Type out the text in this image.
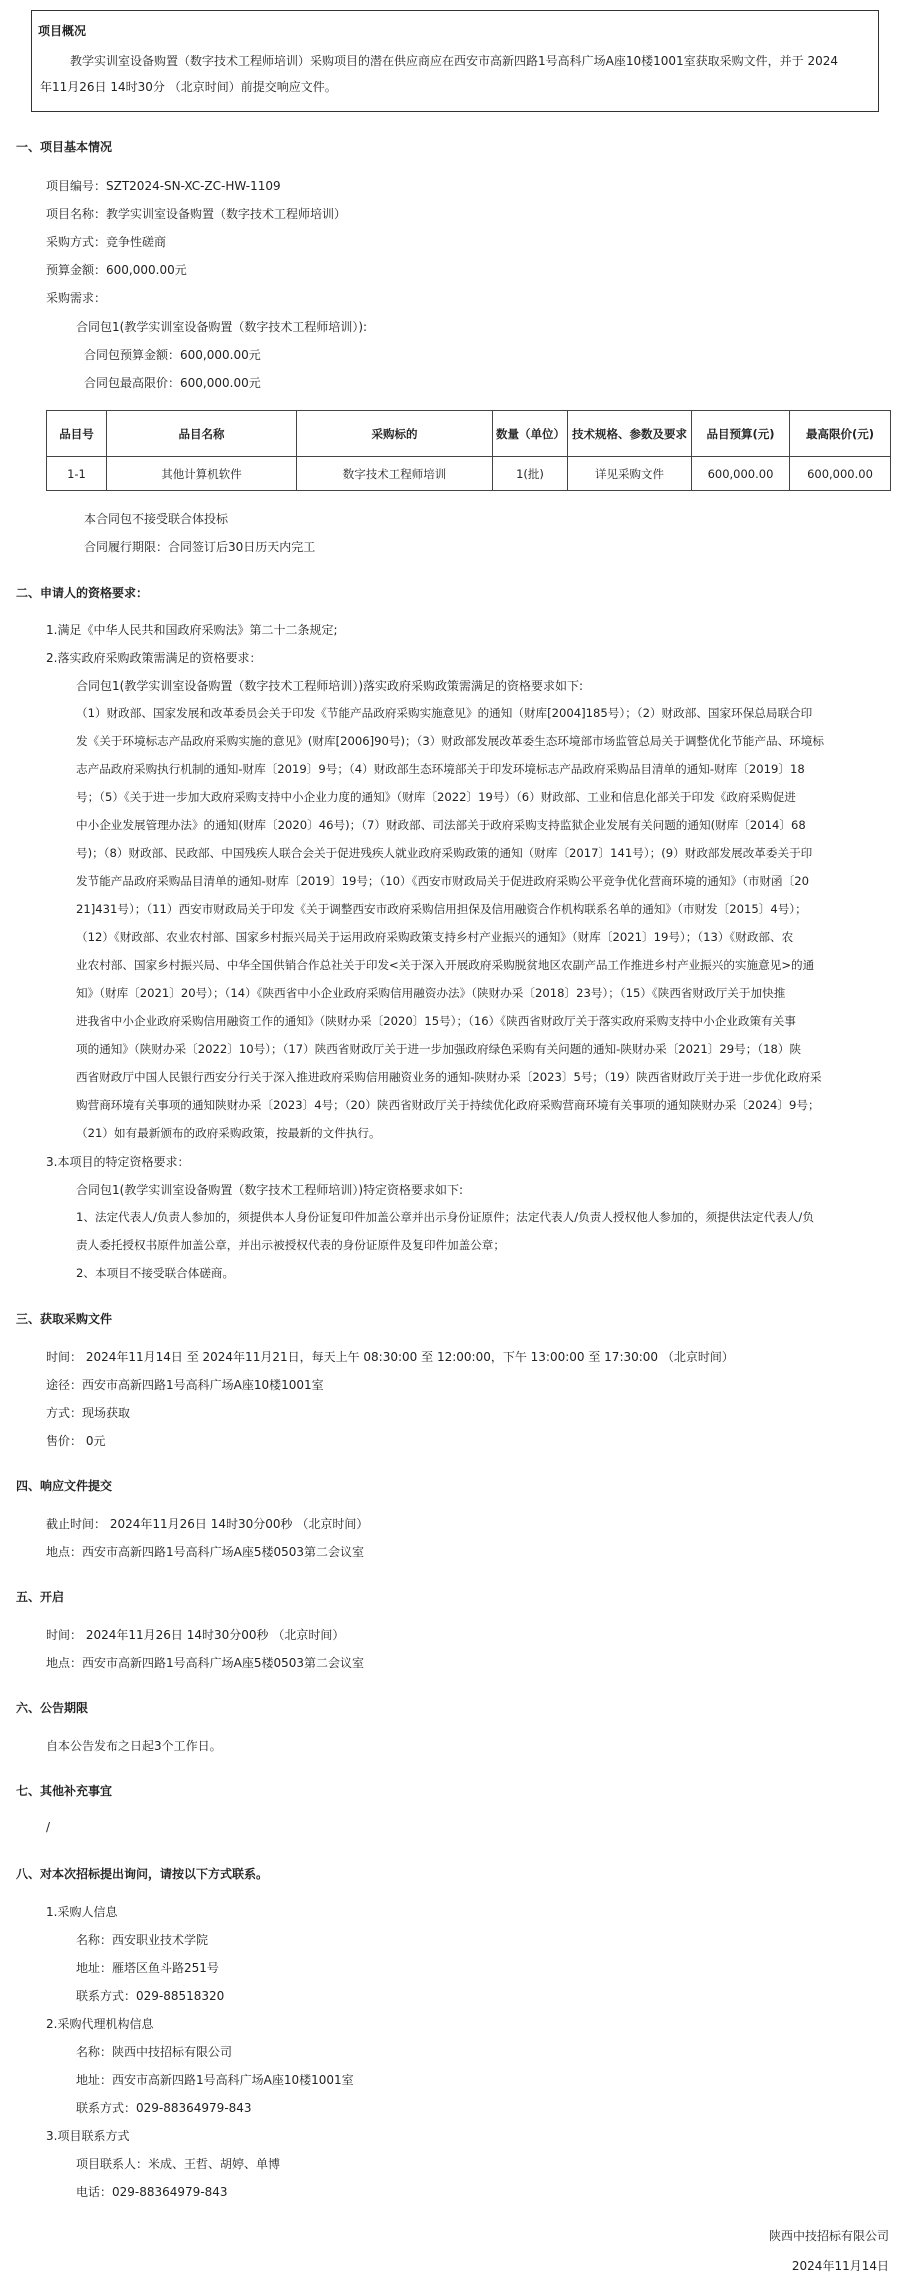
项目概况
教学实训室设备购置（数字技术工程师培训）采购项目的潜在供应商应在西安市高新四路1号高科广场A座10楼1001室获取采购文件，并于 2024
年11月26日 14时30分 （北京时间）前提交响应文件。
一、项目基本情况
项目编号：SZT2024-SN-XC-ZC-HW-1109
项目名称：教学实训室设备购置（数字技术工程师培训）
采购方式：竞争性磋商
预算金额：600,000.00元
采购需求：
合同包1(教学实训室设备购置（数字技术工程师培训）):
合同包预算金额：600,000.00元
合同包最高限价：600,000.00元
品目号	品目名称	采购标的	数量（单位）	技术规格、参数及要求	品目预算(元)	最高限价(元)
1-1	其他计算机软件	数字技术工程师培训	1(批)	详见采购文件	600,000.00	600,000.00
本合同包不接受联合体投标
合同履行期限：合同签订后30日历天内完工
二、申请人的资格要求：
1.满足《中华人民共和国政府采购法》第二十二条规定;
2.落实政府采购政策需满足的资格要求：
合同包1(教学实训室设备购置（数字技术工程师培训）)落实政府采购政策需满足的资格要求如下:
（1）财政部、国家发展和改革委员会关于印发《节能产品政府采购实施意见》的通知（财库[2004]185号）；（2）财政部、国家环保总局联合印
发《关于环境标志产品政府采购实施的意见》(财库[2006]90号)；（3）财政部发展改革委生态环境部市场监管总局关于调整优化节能产品、环境标
志产品政府采购执行机制的通知-财库〔2019〕9号；（4）财政部生态环境部关于印发环境标志产品政府采购品目清单的通知-财库〔2019〕18
号；（5）《关于进一步加大政府采购支持中小企业力度的通知》（财库〔2022〕19号）（6）财政部、工业和信息化部关于印发《政府采购促进
中小企业发展管理办法》的通知(财库〔2020〕46号)；（7）财政部、司法部关于政府采购支持监狱企业发展有关问题的通知(财库〔2014〕68
号)；（8）财政部、民政部、中国残疾人联合会关于促进残疾人就业政府采购政策的通知（财库〔2017〕141号）；(9）财政部发展改革委关于印
发节能产品政府采购品目清单的通知-财库〔2019〕19号；（10）《西安市财政局关于促进政府采购公平竞争优化营商环境的通知》（市财函〔20
21]431号）；（11）西安市财政局关于印发《关于调整西安市政府采购信用担保及信用融资合作机构联系名单的通知》（市财发〔2015〕4号）；
（12）《财政部、农业农村部、国家乡村振兴局关于运用政府采购政策支持乡村产业振兴的通知》（财库〔2021〕19号）；（13）《财政部、农
业农村部、国家乡村振兴局、中华全国供销合作总社关于印发<关于深入开展政府采购脱贫地区农副产品工作推进乡村产业振兴的实施意见>的通
知》（财库〔2021〕20号）；（14）《陕西省中小企业政府采购信用融资办法》（陕财办采〔2018〕23号）；（15）《陕西省财政厅关于加快推
进我省中小企业政府采购信用融资工作的通知》（陕财办采〔2020〕15号）；（16）《陕西省财政厅关于落实政府采购支持中小企业政策有关事
项的通知》（陕财办采〔2022〕10号）；（17）陕西省财政厅关于进一步加强政府绿色采购有关问题的通知-陕财办采〔2021〕29号；（18）陕
西省财政厅中国人民银行西安分行关于深入推进政府采购信用融资业务的通知-陕财办采〔2023〕5号；（19）陕西省财政厅关于进一步优化政府采
购营商环境有关事项的通知陕财办采〔2023〕4号；（20）陕西省财政厅关于持续优化政府采购营商环境有关事项的通知陕财办采〔2024〕9号；
（21）如有最新颁布的政府采购政策，按最新的文件执行。
3.本项目的特定资格要求：
合同包1(教学实训室设备购置（数字技术工程师培训）)特定资格要求如下:
1、法定代表人/负责人参加的，须提供本人身份证复印件加盖公章并出示身份证原件；法定代表人/负责人授权他人参加的，须提供法定代表人/负
责人委托授权书原件加盖公章，并出示被授权代表的身份证原件及复印件加盖公章；
2、本项目不接受联合体磋商。
三、获取采购文件
时间： 2024年11月14日 至 2024年11月21日，每天上午 08:30:00 至 12:00:00，下午 13:00:00 至 17:30:00 （北京时间）
途径：西安市高新四路1号高科广场A座10楼1001室
方式：现场获取
售价： 0元
四、响应文件提交
截止时间： 2024年11月26日 14时30分00秒 （北京时间）
地点：西安市高新四路1号高科广场A座5楼0503第二会议室
五、开启
时间： 2024年11月26日 14时30分00秒 （北京时间）
地点：西安市高新四路1号高科广场A座5楼0503第二会议室
六、公告期限
自本公告发布之日起3个工作日。
七、其他补充事宜
/
八、对本次招标提出询问，请按以下方式联系。
1.采购人信息
名称：西安职业技术学院
地址：雁塔区鱼斗路251号
联系方式：029-88518320
2.采购代理机构信息
名称：陕西中技招标有限公司
地址：西安市高新四路1号高科广场A座10楼1001室
联系方式：029-88364979-843
3.项目联系方式
项目联系人：米成、王哲、胡婷、单博
电话：029-88364979-843
陕西中技招标有限公司
2024年11月14日
